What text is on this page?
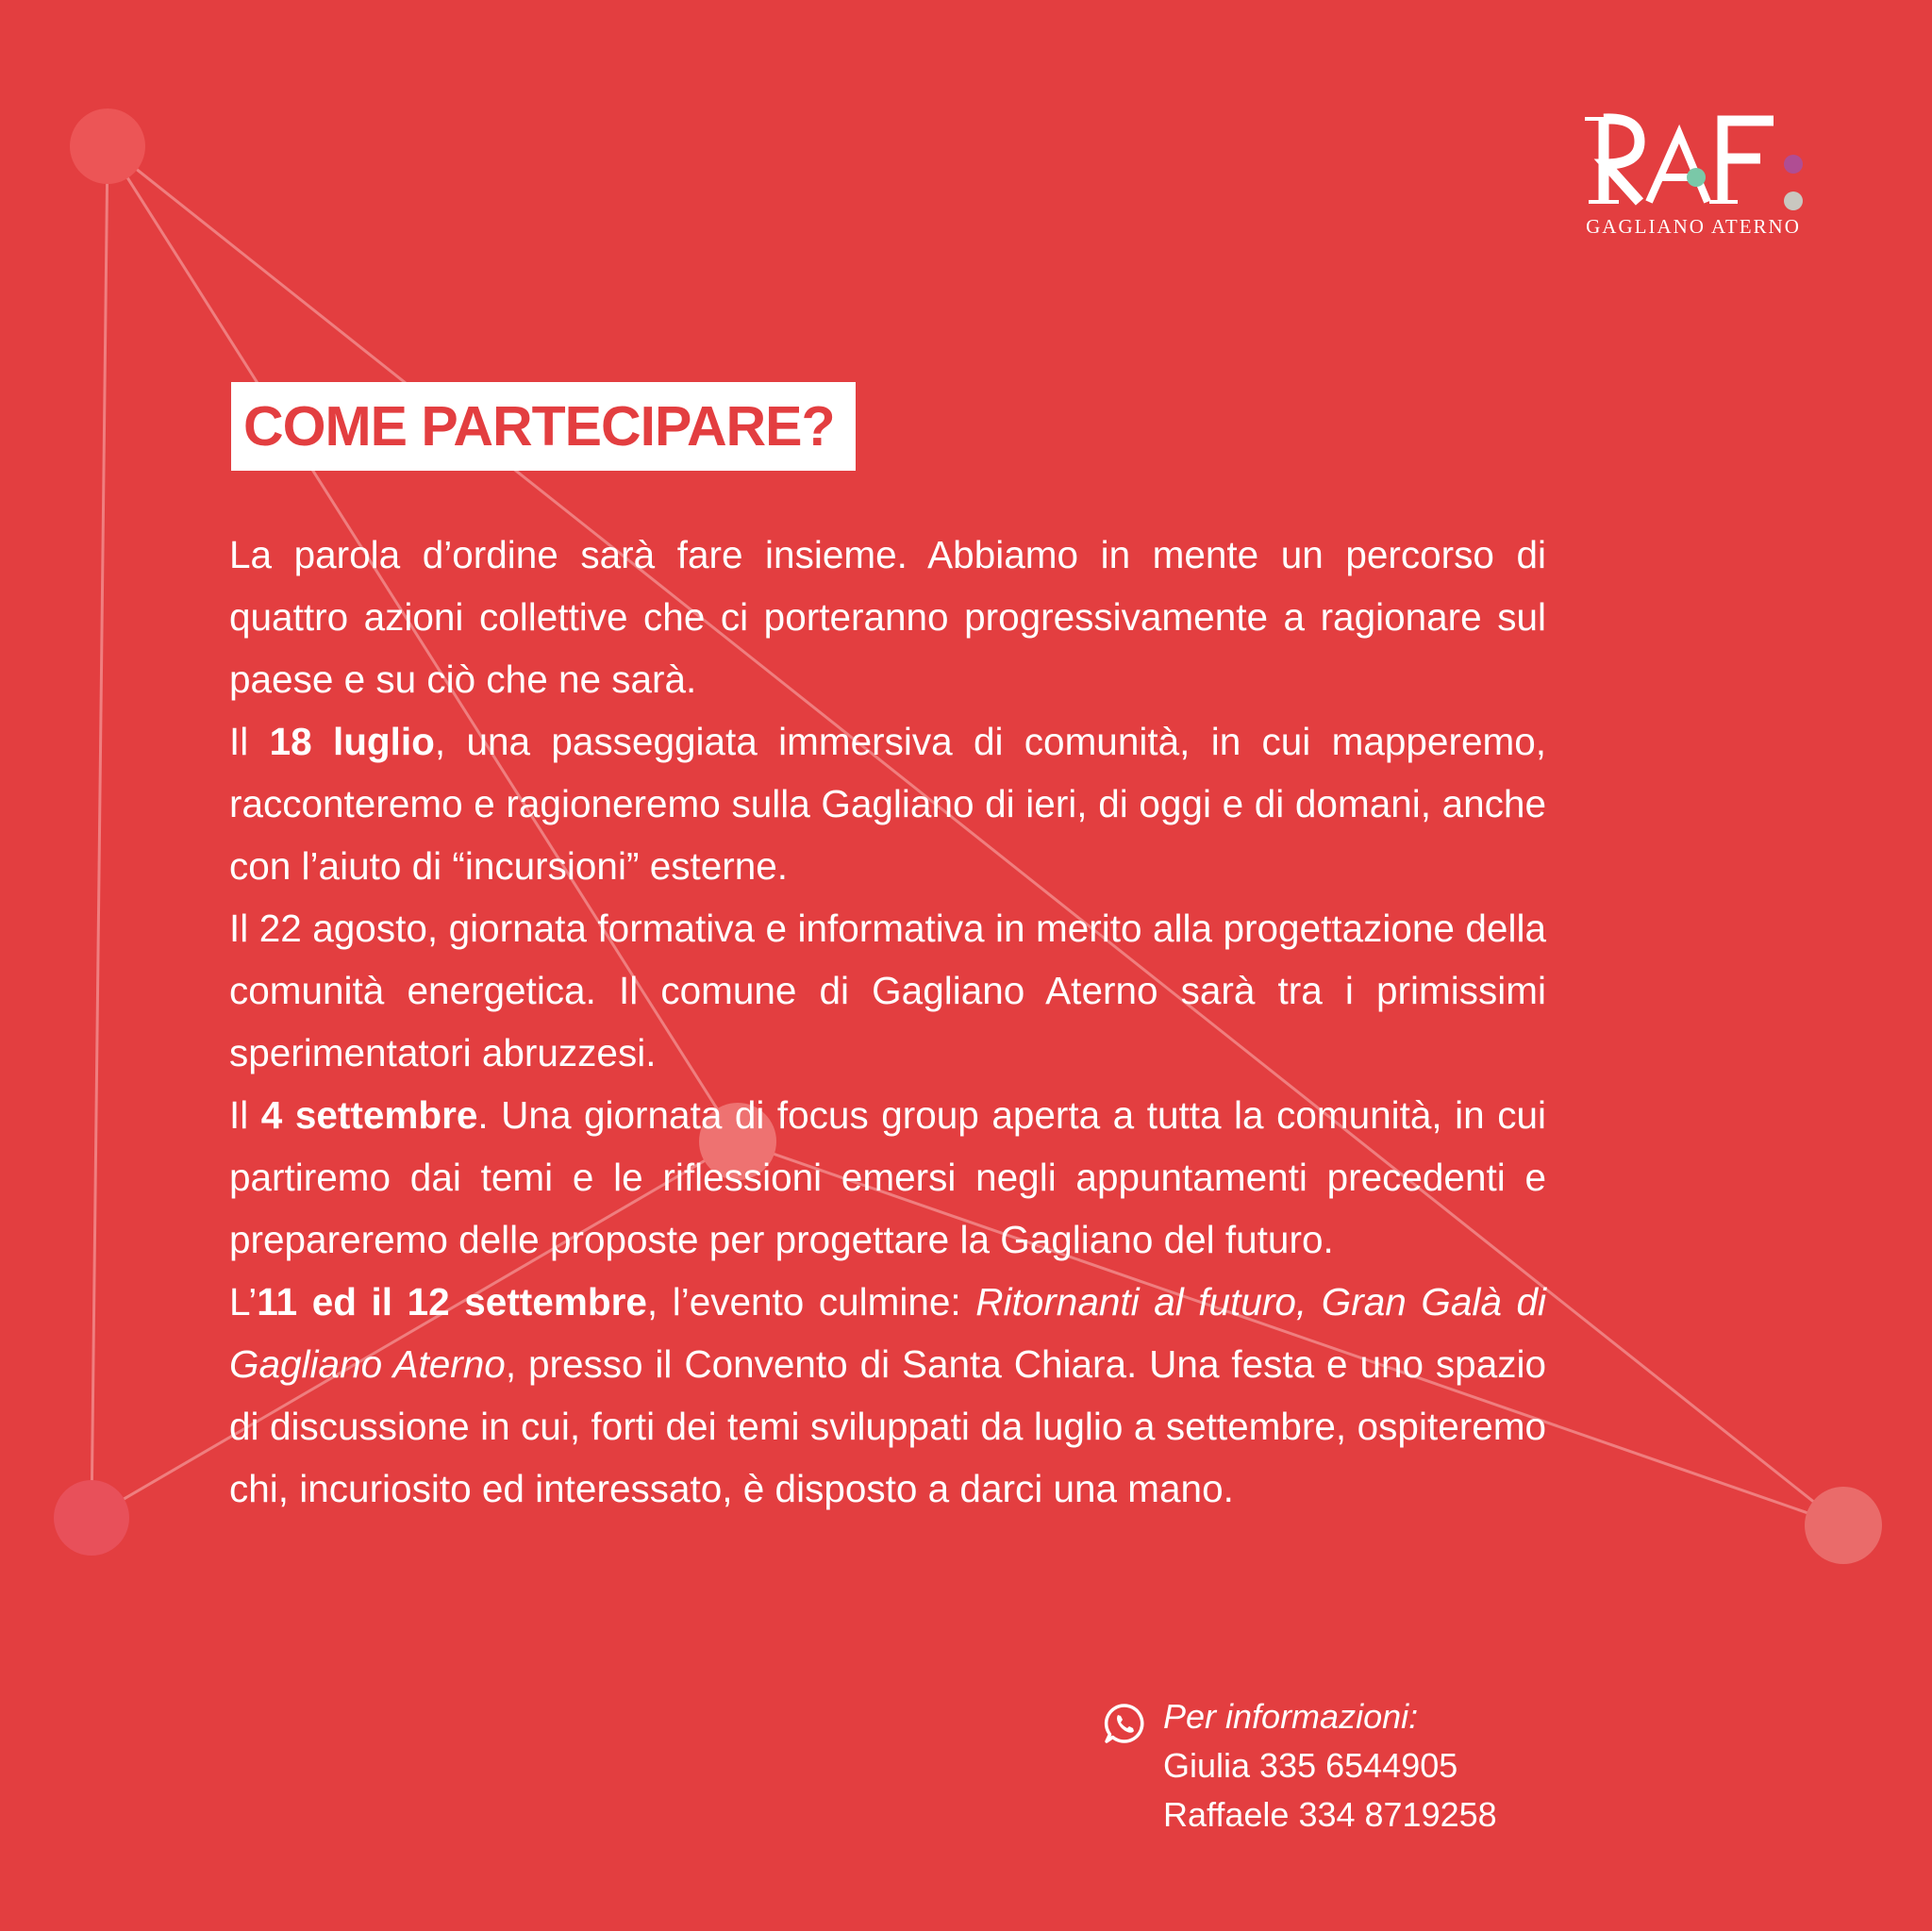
GAGLIANO ATERNO
COME PARTECIPARE?

La parola d’ordine sarà fare insieme. Abbiamo in mente un percorso di quattro azioni collettive che ci porteranno progressivamente a ragionare sul paese e su ciò che ne sarà.

Il 18 luglio, una passeggiata immersiva di comunità, in cui mapperemo, racconteremo e ragioneremo sulla Gagliano di ieri, di oggi e di domani, anche con l’aiuto di “incursioni” esterne.

Il 22 agosto, giornata formativa e informativa in merito alla progettazione della comunità energetica. Il comune di Gagliano Aterno sarà tra i primissimi sperimentatori abruzzesi.

Il 4 settembre. Una giornata di focus group aperta a tutta la comunità, in cui partiremo dai temi e le riflessioni emersi negli appuntamenti precedenti e prepareremo delle proposte per progettare la Gagliano del futuro.

L’11 ed il 12 settembre, l’evento culmine: Ritornanti al futuro, Gran Galà di Gagliano Aterno, presso il Convento di Santa Chiara. Una festa e uno spazio di discussione in cui, forti dei temi sviluppati da luglio a settembre, ospiteremo chi, incuriosito ed interessato, è disposto a darci una mano.

Per informazioni:
Giulia 335 6544905
Raffaele 334 8719258
